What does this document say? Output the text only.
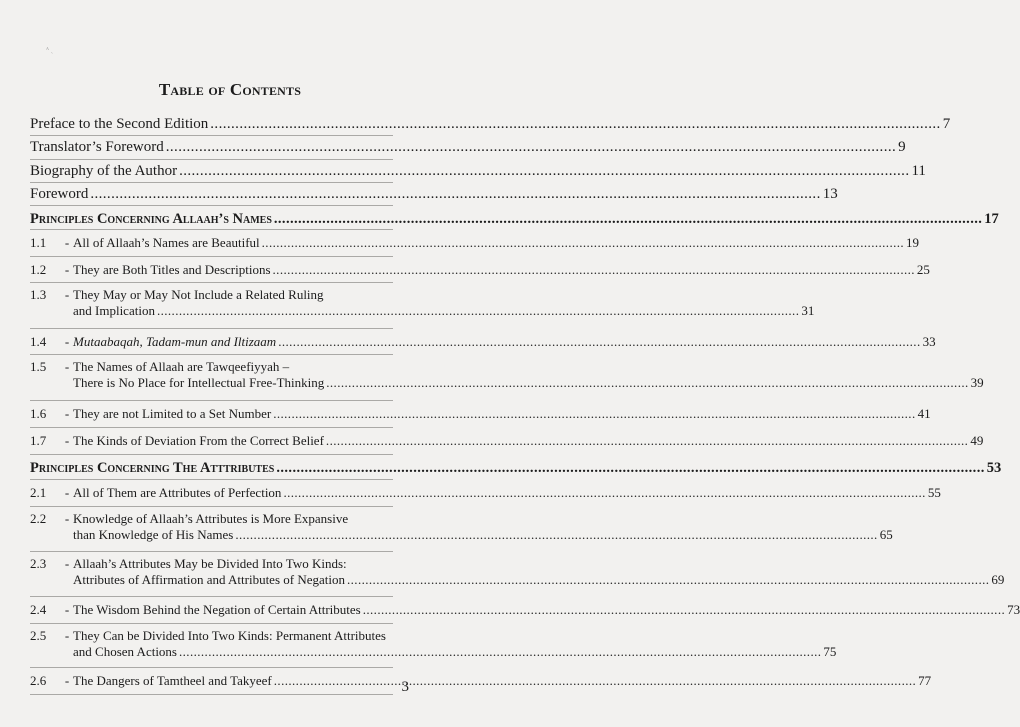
ᴬ ˎ
Table of Contents
Preface to the Second Edition .....	7
Translator’s Foreword .....	9
Biography of the Author .....	11
Foreword .....	13
Principles Concerning Allaah’s Names .....	17
1.1	- All of Allaah’s Names are Beautiful .....	19
1.2	- They are Both Titles and Descriptions .....	25
1.3	- They May or May Not Include a Related Ruling
and Implication .....	31
1.4	- Mutaabaqah, Tadam-mun and Iltizaam .....	33
1.5	- The Names of Allaah are Tawqeefiyyah –
There is No Place for Intellectual Free-Thinking .....	39
1.6	- They are not Limited to a Set Number .....	41
1.7	- The Kinds of Deviation From the Correct Belief .....	49
Principles Concerning The Atttributes .....	53
2.1	- All of Them are Attributes of Perfection .....	55
2.2	- Knowledge of Allaah’s Attributes is More Expansive
than Knowledge of His Names .....	65
2.3	- Allaah’s Attributes May be Divided Into Two Kinds:
Attributes of Affirmation and Attributes of Negation .....	69
2.4	- The Wisdom Behind the Negation of Certain Attributes .....	73
2.5	- They Can be Divided Into Two Kinds: Permanent Attributes
and Chosen Actions .....	75
2.6	- The Dangers of Tamtheel and Takyeef .....	77
3
